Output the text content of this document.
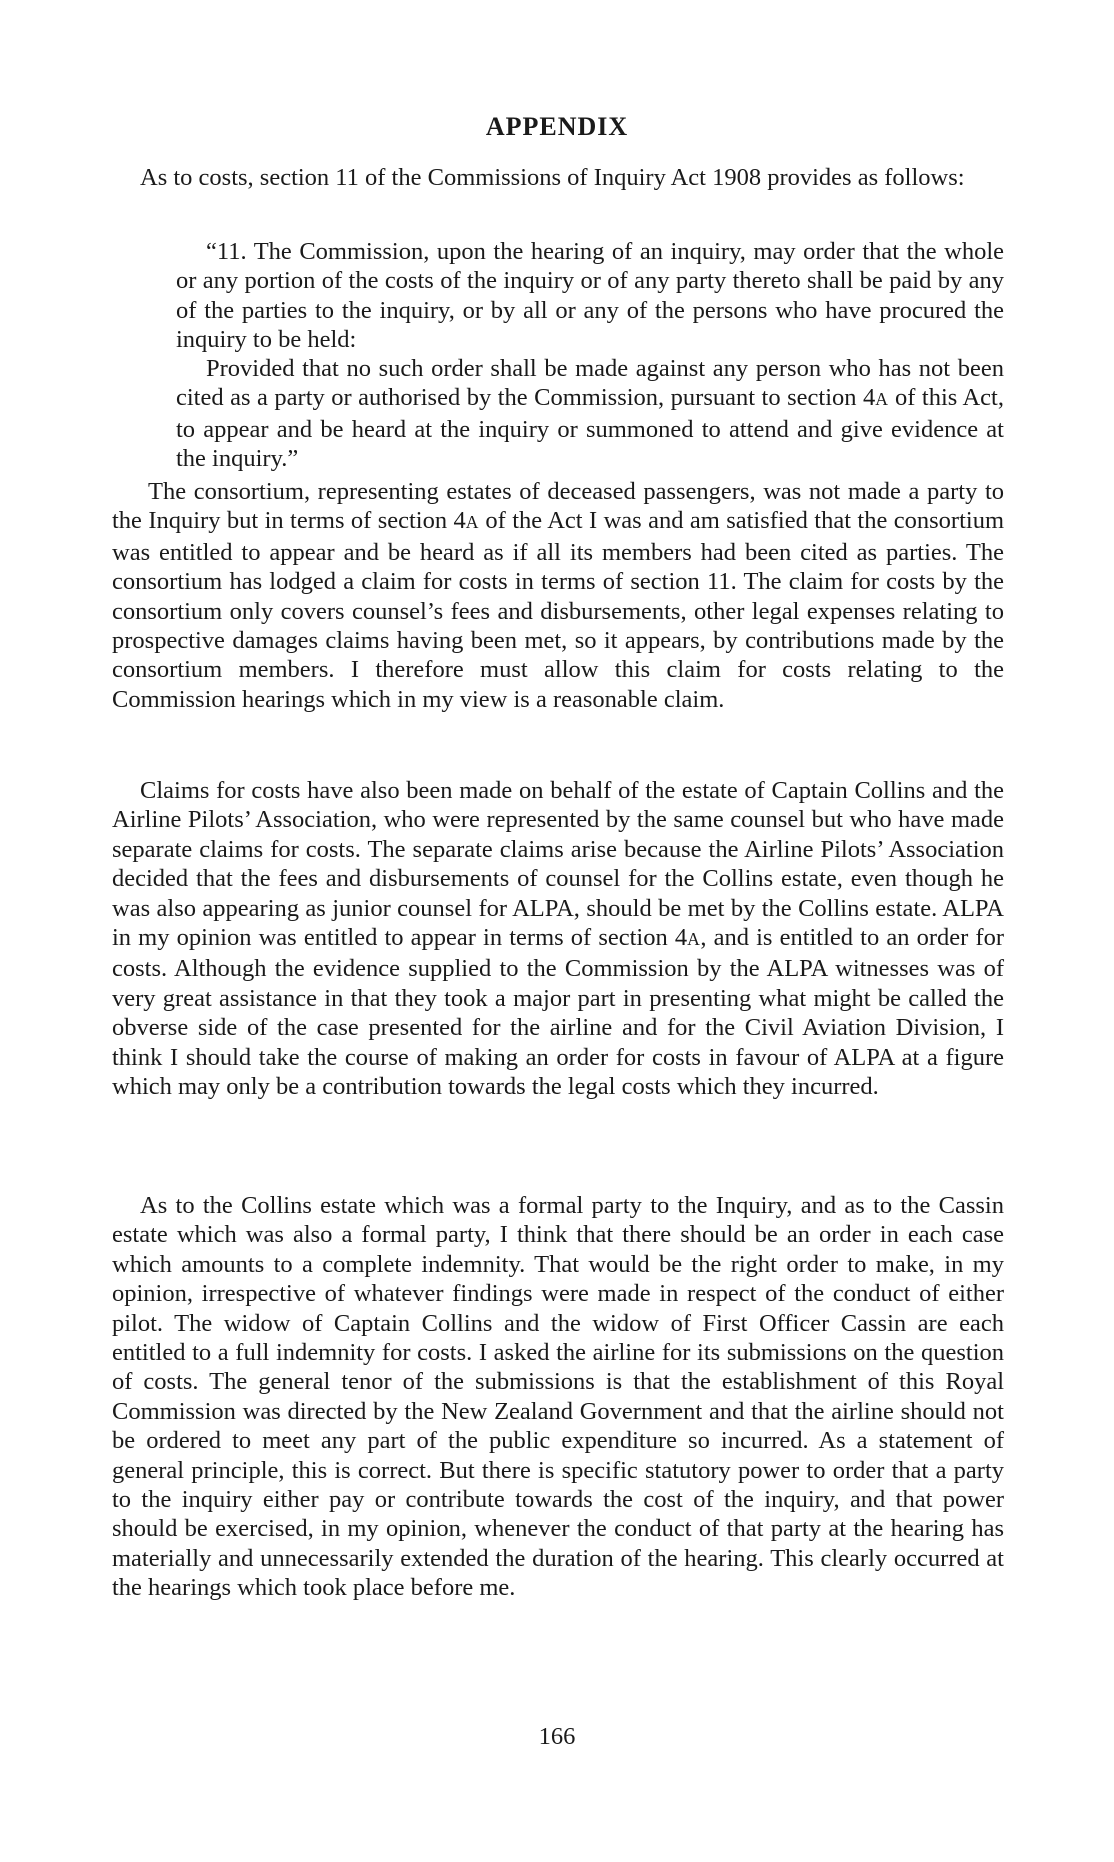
APPENDIX

As to costs, section 11 of the Commissions of Inquiry Act 1908 provides as follows:

“11. The Commission, upon the hearing of an inquiry, may order that the whole or any portion of the costs of the inquiry or of any party thereto shall be paid by any of the parties to the inquiry, or by all or any of the persons who have procured the inquiry to be held:

Provided that no such order shall be made against any person who has not been cited as a party or authorised by the Commission, pursuant to section 4A of this Act, to appear and be heard at the inquiry or summoned to attend and give evidence at the inquiry.”

The consortium, representing estates of deceased passengers, was not made a party to the Inquiry but in terms of section 4A of the Act I was and am satisfied that the consortium was entitled to appear and be heard as if all its members had been cited as parties. The consortium has lodged a claim for costs in terms of section 11. The claim for costs by the consortium only covers counsel’s fees and disbursements, other legal expenses relating to prospective damages claims having been met, so it appears, by contributions made by the consortium members. I therefore must allow this claim for costs relating to the Commission hearings which in my view is a reasonable claim.

Claims for costs have also been made on behalf of the estate of Captain Collins and the Airline Pilots’ Association, who were represented by the same counsel but who have made separate claims for costs. The separate claims arise because the Airline Pilots’ Association decided that the fees and disbursements of counsel for the Collins estate, even though he was also appearing as junior counsel for ALPA, should be met by the Collins estate. ALPA in my opinion was entitled to appear in terms of section 4A, and is entitled to an order for costs. Although the evidence supplied to the Commission by the ALPA witnesses was of very great assistance in that they took a major part in presenting what might be called the obverse side of the case presented for the airline and for the Civil Aviation Division, I think I should take the course of making an order for costs in favour of ALPA at a figure which may only be a contribution towards the legal costs which they incurred.

As to the Collins estate which was a formal party to the Inquiry, and as to the Cassin estate which was also a formal party, I think that there should be an order in each case which amounts to a complete indemnity. That would be the right order to make, in my opinion, irrespective of whatever findings were made in respect of the conduct of either pilot. The widow of Captain Collins and the widow of First Officer Cassin are each entitled to a full indemnity for costs. I asked the airline for its submissions on the question of costs. The general tenor of the submissions is that the establishment of this Royal Commission was directed by the New Zealand Government and that the airline should not be ordered to meet any part of the public expenditure so incurred. As a statement of general principle, this is correct. But there is specific statutory power to order that a party to the inquiry either pay or contribute towards the cost of the inquiry, and that power should be exercised, in my opinion, whenever the conduct of that party at the hearing has materially and unnecessarily extended the duration of the hearing. This clearly occurred at the hearings which took place before me.

166
